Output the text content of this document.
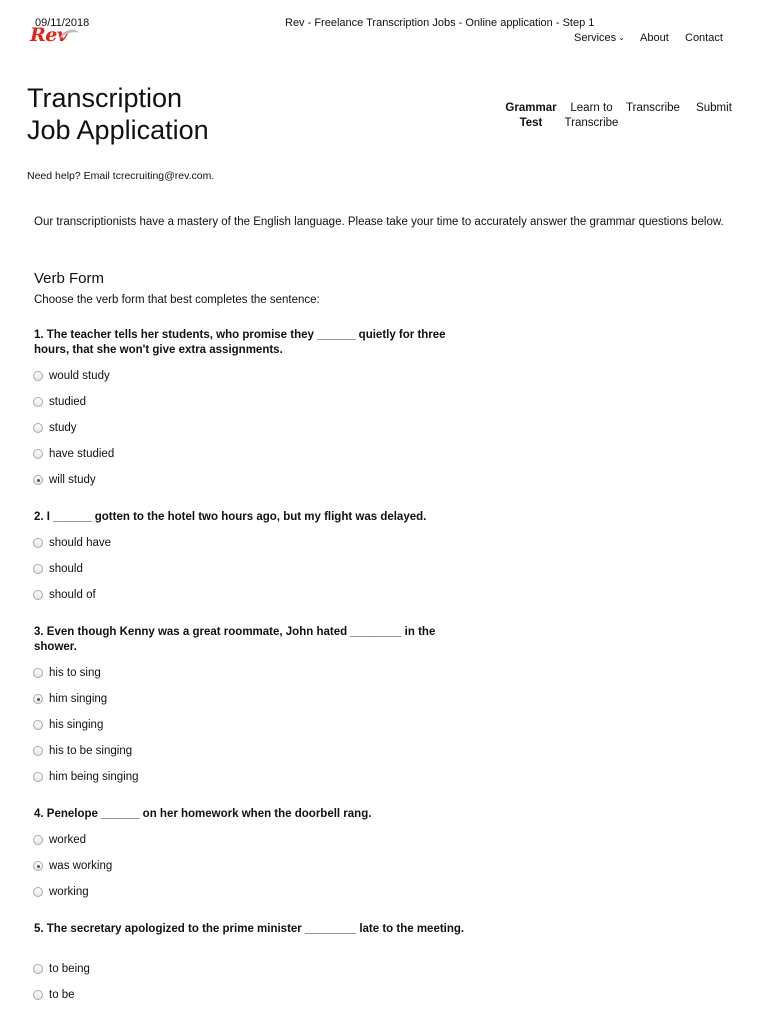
09/11/2018	Rev - Freelance Transcription Jobs - Online application - Step 1
Rev	Services ⌄ About Contact
Transcription
Job Application
Grammar
Test
Learn to
Transcribe
Transcribe	Submit
Need help? Email tcrecruiting@rev.com.
Our transcriptionists have a mastery of the English language. Please take your time to accurately answer the grammar questions below.
Verb Form
Choose the verb form that best completes the sentence:
1. The teacher tells her students, who promise they ______ quietly for three hours, that she won't give extra assignments.
would study
studied
study
have studied
will study
2. I ______ gotten to the hotel two hours ago, but my flight was delayed.
should have
should
should of
3. Even though Kenny was a great roommate, John hated ________ in the shower.
his to sing
him singing
his singing
his to be singing
him being singing
4. Penelope ______ on her homework when the doorbell rang.
worked
was working
working
5. The secretary apologized to the prime minister ________ late to the meeting.
to being
to be
